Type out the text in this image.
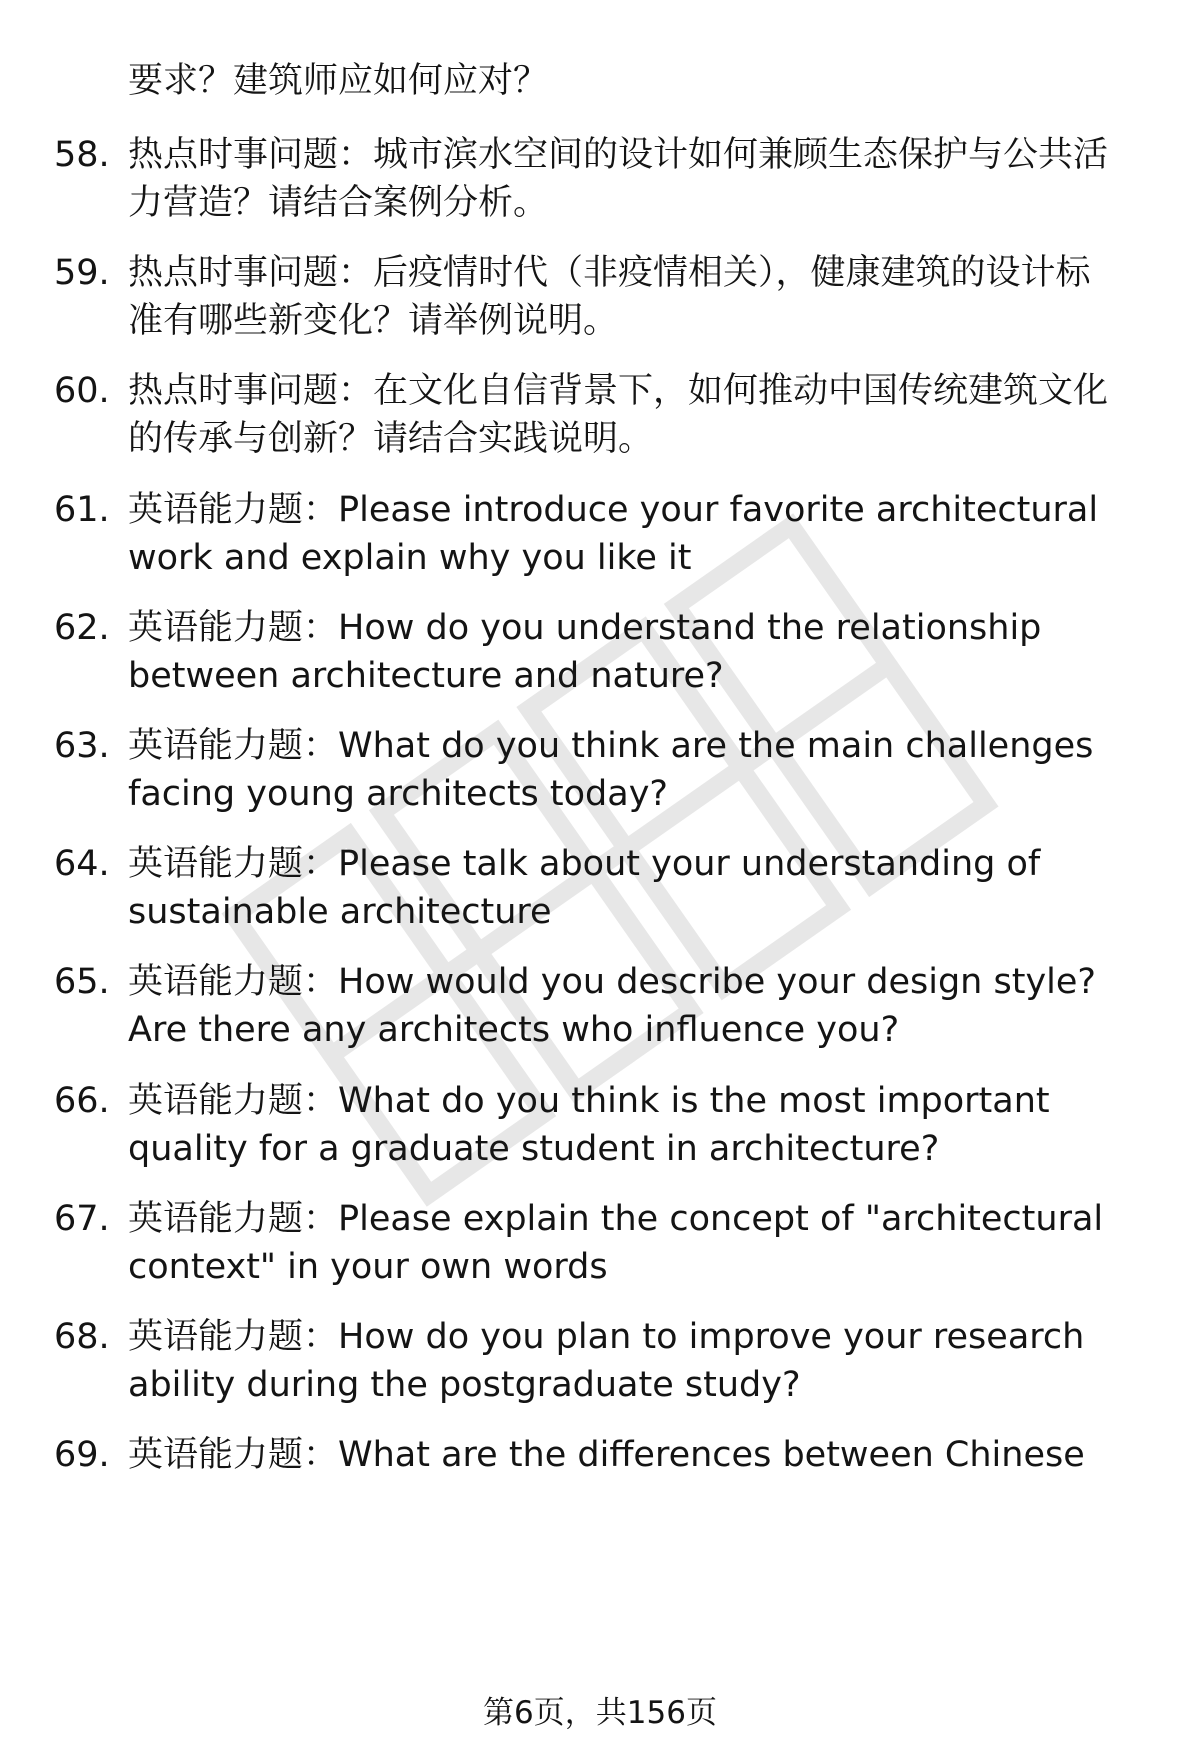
要求？建筑师应如何应对？
58. 热点时事问题：城市滨水空间的设计如何兼顾生态保护与公共活
力营造？请结合案例分析。
59. 热点时事问题：后疫情时代（非疫情相关），健康建筑的设计标
准有哪些新变化？请举例说明。
60. 热点时事问题：在文化自信背景下，如何推动中国传统建筑文化
的传承与创新？请结合实践说明。
61. 英语能力题：Please introduce your favorite architectural
work and explain why you like it
62. 英语能力题：How do you understand the relationship
between architecture and nature?
63. 英语能力题：What do you think are the main challenges
facing young architects today?
64. 英语能力题：Please talk about your understanding of
sustainable architecture
65. 英语能力题：How would you describe your design style?
Are there any architects who influence you?
66. 英语能力题：What do you think is the most important
quality for a graduate student in architecture?
67. 英语能力题：Please explain the concept of "architectural
context" in your own words
68. 英语能力题：How do you plan to improve your research
ability during the postgraduate study?
69. 英语能力题：What are the differences between Chinese
第6页，共156页
